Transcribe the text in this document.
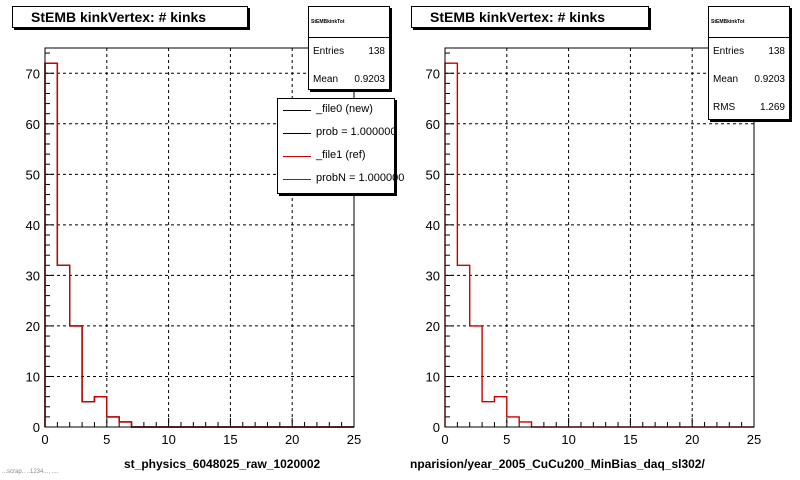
0	5	10	15	20	25
0
10
20
30
40
50
60
70
StEMB kinkVertex: # kinks	StEMBkinkTot
Entries 138
Mean 0.9203
_file0 (new)
prob = 1.000000
_file1 (ref)
probN = 1.000000
st_physics_6048025_raw_1020002
...scrap.. ..1234..., ....
0	5	10	15	20	25
0
10
20
30
40
50
60
70
StEMB kinkVertex: # kinks	StEMBkinkTot
Entries 138
Mean 0.9203
RMS 1.269
nparision/year_2005_CuCu200_MinBias_daq_sl302/
